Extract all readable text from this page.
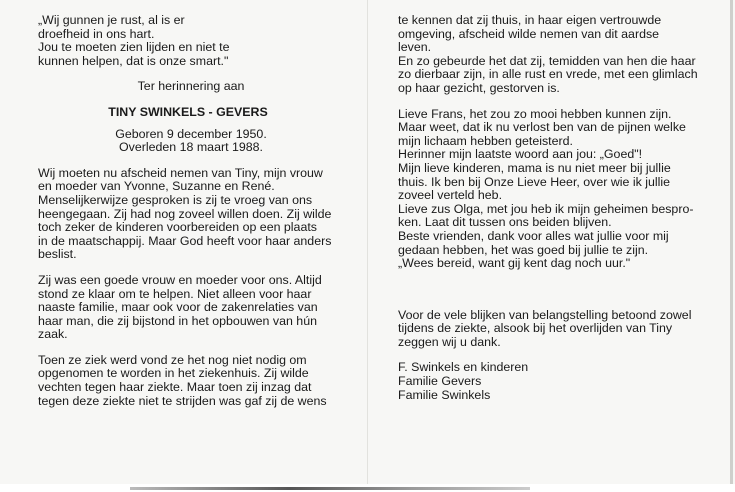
„Wij gunnen je rust, al is er
droefheid in ons hart.
Jou te moeten zien lijden en niet te
kunnen helpen, dat is onze smart."
Ter herinnering aan
TINY SWINKELS - GEVERS
Geboren 9 december 1950.
Overleden 18 maart 1988.
Wij moeten nu afscheid nemen van Tiny, mijn vrouw
en moeder van Yvonne, Suzanne en René.
Menselijkerwijze gesproken is zij te vroeg van ons
heengegaan. Zij had nog zoveel willen doen. Zij wilde
toch zeker de kinderen voorbereiden op een plaats
in de maatschappij. Maar God heeft voor haar anders
beslist.
Zij was een goede vrouw en moeder voor ons. Altijd
stond ze klaar om te helpen. Niet alleen voor haar
naaste familie, maar ook voor de zakenrelaties van
haar man, die zij bijstond in het opbouwen van hún
zaak.
Toen ze ziek werd vond ze het nog niet nodig om
opgenomen te worden in het ziekenhuis. Zij wilde
vechten tegen haar ziekte. Maar toen zij inzag dat
tegen deze ziekte niet te strijden was gaf zij de wens
te kennen dat zij thuis, in haar eigen vertrouwde
omgeving, afscheid wilde nemen van dit aardse
leven.
En zo gebeurde het dat zij, temidden van hen die haar
zo dierbaar zijn, in alle rust en vrede, met een glimlach
op haar gezicht, gestorven is.
Lieve Frans, het zou zo mooi hebben kunnen zijn.
Maar weet, dat ik nu verlost ben van de pijnen welke
mijn lichaam hebben geteisterd.
Herinner mijn laatste woord aan jou: „Goed"!
Mijn lieve kinderen, mama is nu niet meer bij jullie
thuis. Ik ben bij Onze Lieve Heer, over wie ik jullie
zoveel verteld heb.
Lieve zus Olga, met jou heb ik mijn geheimen bespro-
ken. Laat dit tussen ons beiden blijven.
Beste vrienden, dank voor alles wat jullie voor mij
gedaan hebben, het was goed bij jullie te zijn.
„Wees bereid, want gij kent dag noch uur."
Voor de vele blijken van belangstelling betoond zowel
tijdens de ziekte, alsook bij het overlijden van Tiny
zeggen wij u dank.
F. Swinkels en kinderen
Familie Gevers
Familie Swinkels
